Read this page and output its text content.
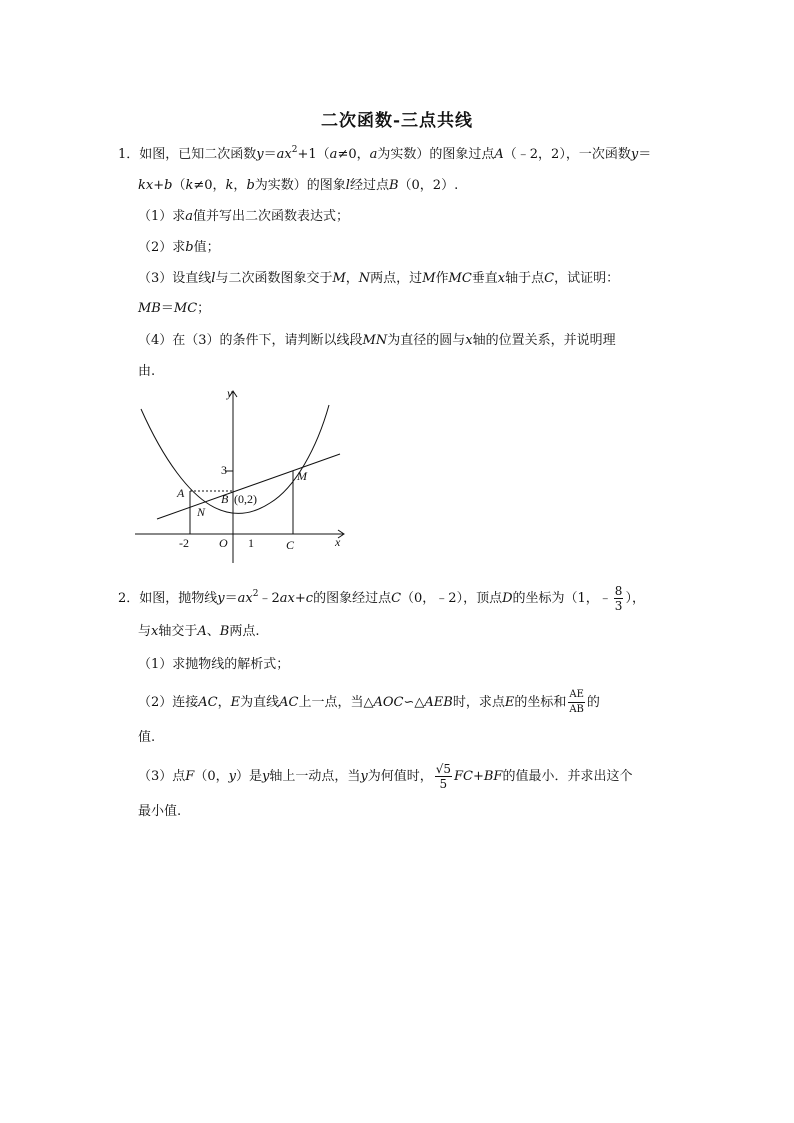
二次函数-三点共线
1．如图，已知二次函数$y=ax^2+1(a\ne 0$，a为实数）的图象过点A（﹣2，2），一次函数y＝
kx+b（k≠0，k，b为实数）的图象l经过点B（0，2）.
（1）求a值并写出二次函数表达式；
（2）求b值；
（3）设直线l与二次函数图象交于M，N两点，过M作MC垂直x轴于点C，试证明：
MB＝MC；
（4）在（3）的条件下，请判断以线段MN为直径的圆与x轴的位置关系，并说明理
由.
y
x
O
3
-2	1	C
A	B (0,2)
N
M
2．如图，抛物线$y=ax^2﹣2ax+c$的图象经过点C（0，﹣2），顶点D的坐标为（1，﹣ $\frac{8}{3}$ ），
与x轴交于A、B两点.
（1）求抛物线的解析式；
（2）连接AC，E为直线AC上一点，当△AOC∽△AEB时，求点E的坐标和 $\frac{AE}{AB}$ 的
值.
（3）点F（0，y）是y轴上一动点，当y为何值时， $\frac{√5}{5} FC+BF$的值最小．并求出这个
最小值.
